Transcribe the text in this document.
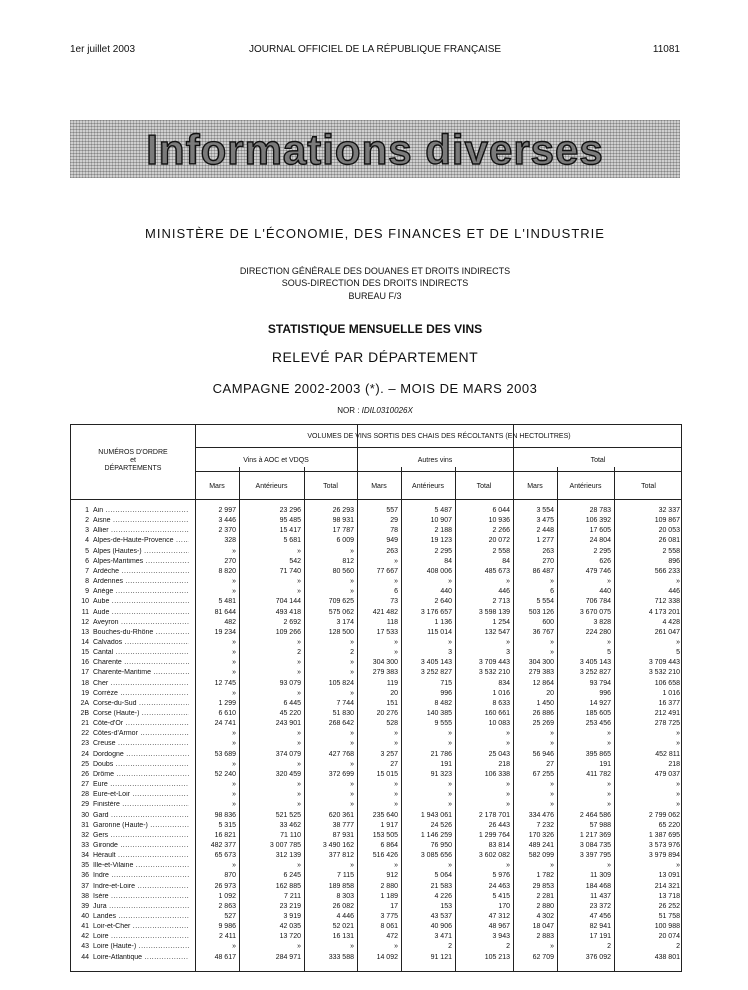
1er juillet 2003	JOURNAL OFFICIEL DE LA RÉPUBLIQUE FRANÇAISE	11081
Informations diverses
MINISTÈRE DE L'ÉCONOMIE, DES FINANCES ET DE L'INDUSTRIE
DIRECTION GÉNÉRALE DES DOUANES ET DROITS INDIRECTS
SOUS-DIRECTION DES DROITS INDIRECTS
BUREAU F/3
STATISTIQUE MENSUELLE DES VINS
RELEVÉ PAR DÉPARTEMENT
CAMPAGNE 2002-2003 (*). – MOIS DE MARS 2003
NOR : IDIL0310026X
NUMÉROS D'ORDRE
et
DÉPARTEMENTS
VOLUMES DE VINS SORTIS DES CHAIS DES RÉCOLTANTS (EN HECTOLITRES)
Vins à AOC et VDQS	Autres vins	Total
Mars	Antérieurs	Total	Mars	Antérieurs	Total	Mars	Antérieurs	Total
1 Ain .....	2 997	23 296	26 293	557	5 487	6 044	3 554	28 783	32 337
2 Aisne .....	3 446	95 485	98 931	29	10 907	10 936	3 475	106 392	109 867
3 Allier .....	2 370	15 417	17 787	78	2 188	2 266	2 448	17 605	20 053
4 Alpes-de-Haute-Provence .....	328	5 681	6 009	949	19 123	20 072	1 277	24 804	26 081
5 Alpes (Hautes-) .....	»	»	»	263	2 295	2 558	263	2 295	2 558
6 Alpes-Maritimes .....	270	542	812	»	84	84	270	626	896
7 Ardèche .....	8 820	71 740	80 560	77 667	408 006	485 673	86 487	479 746	566 233
8 Ardennes .....	»	»	»	»	»	»	»	»	»
9 Ariège .....	»	»	»	6	440	446	6	440	446
10 Aube .....	5 481	704 144	709 625	73	2 640	2 713	5 554	706 784	712 338
11 Aude .....	81 644	493 418	575 062	421 482	3 176 657	3 598 139	503 126	3 670 075	4 173 201
12 Aveyron .....	482	2 692	3 174	118	1 136	1 254	600	3 828	4 428
13 Bouches-du-Rhône .....	19 234	109 266	128 500	17 533	115 014	132 547	36 767	224 280	261 047
14 Calvados .....	»	»	»	»	»	»	»	»	»
15 Cantal .....	»	2	2	»	3	3	»	5	5
16 Charente .....	»	»	»	304 300	3 405 143	3 709 443	304 300	3 405 143	3 709 443
17 Charente-Maritime .....	»	»	»	279 383	3 252 827	3 532 210	279 383	3 252 827	3 532 210
18 Cher .....	12 745	93 079	105 824	119	715	834	12 864	93 794	106 658
19 Corrèze .....	»	»	»	20	996	1 016	20	996	1 016
2A Corse-du-Sud .....	1 299	6 445	7 744	151	8 482	8 633	1 450	14 927	16 377
2B Corse (Haute-) .....	6 610	45 220	51 830	20 276	140 385	160 661	26 886	185 605	212 491
21 Côte-d'Or .....	24 741	243 901	268 642	528	9 555	10 083	25 269	253 456	278 725
22 Côtes-d'Armor .....	»	»	»	»	»	»	»	»	»
23 Creuse .....	»	»	»	»	»	»	»	»	»
24 Dordogne .....	53 689	374 079	427 768	3 257	21 786	25 043	56 946	395 865	452 811
25 Doubs .....	»	»	»	27	191	218	27	191	218
26 Drôme .....	52 240	320 459	372 699	15 015	91 323	106 338	67 255	411 782	479 037
27 Eure .....	»	»	»	»	»	»	»	»	»
28 Eure-et-Loir .....	»	»	»	»	»	»	»	»	»
29 Finistère .....	»	»	»	»	»	»	»	»	»
30 Gard .....	98 836	521 525	620 361	235 640	1 943 061	2 178 701	334 476	2 464 586	2 799 062
31 Garonne (Haute-) .....	5 315	33 462	38 777	1 917	24 526	26 443	7 232	57 988	65 220
32 Gers .....	16 821	71 110	87 931	153 505	1 146 259	1 299 764	170 326	1 217 369	1 387 695
33 Gironde .....	482 377	3 007 785	3 490 162	6 864	76 950	83 814	489 241	3 084 735	3 573 976
34 Hérault .....	65 673	312 139	377 812	516 426	3 085 656	3 602 082	582 099	3 397 795	3 979 894
35 Ille-et-Vilaine .....	»	»	»	»	»	»	»	»	»
36 Indre .....	870	6 245	7 115	912	5 064	5 976	1 782	11 309	13 091
37 Indre-et-Loire .....	26 973	162 885	189 858	2 880	21 583	24 463	29 853	184 468	214 321
38 Isère .....	1 092	7 211	8 303	1 189	4 226	5 415	2 281	11 437	13 718
39 Jura .....	2 863	23 219	26 082	17	153	170	2 880	23 372	26 252
40 Landes .....	527	3 919	4 446	3 775	43 537	47 312	4 302	47 456	51 758
41 Loir-et-Cher .....	9 986	42 035	52 021	8 061	40 906	48 967	18 047	82 941	100 988
42 Loire .....	2 411	13 720	16 131	472	3 471	3 943	2 883	17 191	20 074
43 Loire (Haute-) .....	»	»	»	»	2	2	»	2	2
44 Loire-Atlantique .....	48 617	284 971	333 588	14 092	91 121	105 213	62 709	376 092	438 801
